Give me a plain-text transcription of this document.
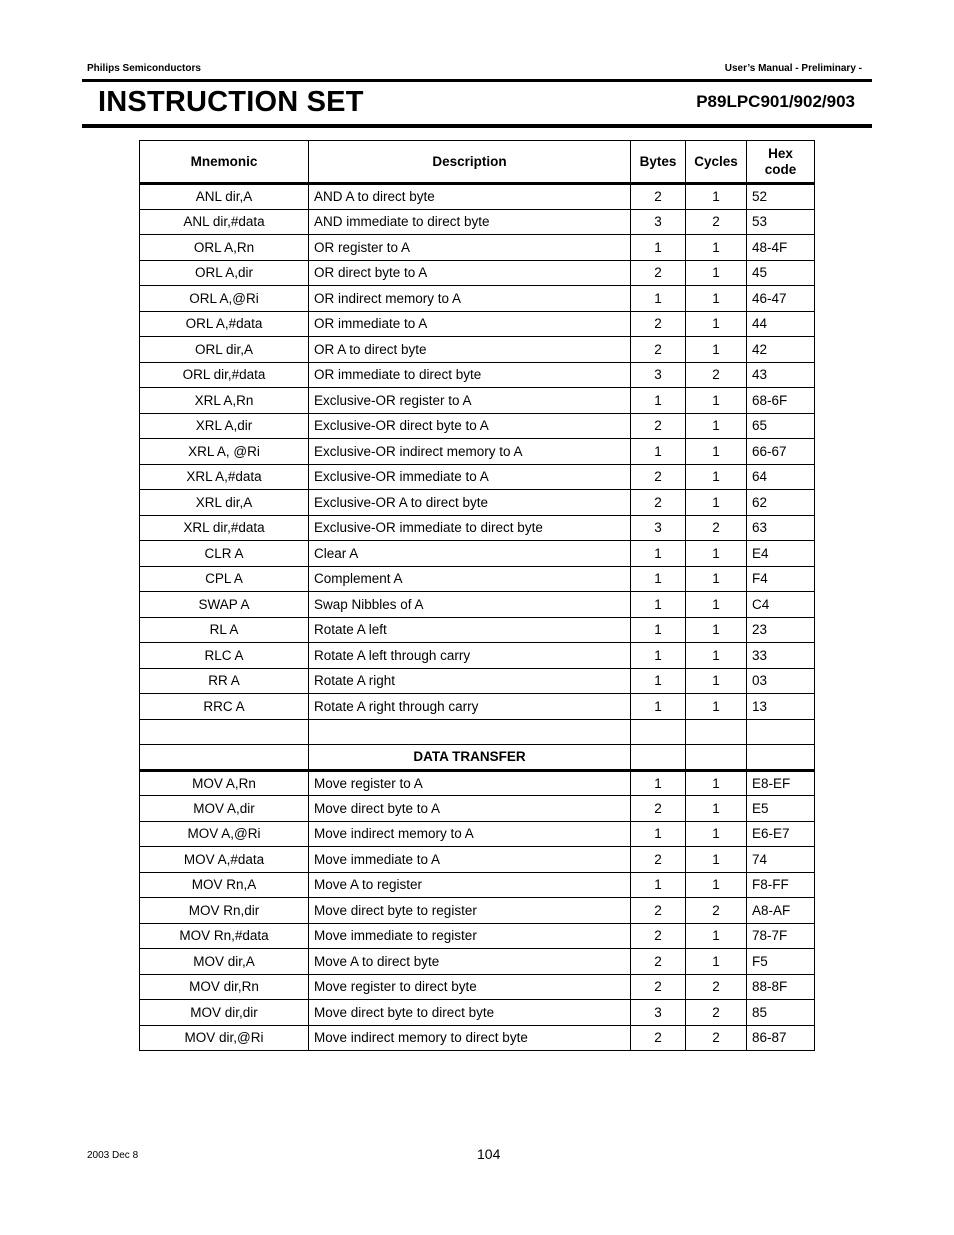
Philips Semiconductors	User’s Manual - Preliminary -
INSTRUCTION SET	P89LPC901/902/903
Mnemonic	Description	Bytes	Cycles	Hex code
ANL dir,A	AND A to direct byte	2	1	52
ANL dir,#data	AND immediate to direct byte	3	2	53
ORL A,Rn	OR register to A	1	1	48-4F
ORL A,dir	OR direct byte to A	2	1	45
ORL A,@Ri	OR indirect memory to A	1	1	46-47
ORL A,#data	OR immediate to A	2	1	44
ORL dir,A	OR A to direct byte	2	1	42
ORL dir,#data	OR immediate to direct byte	3	2	43
XRL A,Rn	Exclusive-OR register to A	1	1	68-6F
XRL A,dir	Exclusive-OR direct byte to A	2	1	65
XRL A, @Ri	Exclusive-OR indirect memory to A	1	1	66-67
XRL A,#data	Exclusive-OR immediate to A	2	1	64
XRL dir,A	Exclusive-OR A to direct byte	2	1	62
XRL dir,#data	Exclusive-OR immediate to direct byte	3	2	63
CLR A	Clear A	1	1	E4
CPL A	Complement A	1	1	F4
SWAP A	Swap Nibbles of A	1	1	C4
RL A	Rotate A left	1	1	23
RLC A	Rotate A left through carry	1	1	33
RR A	Rotate A right	1	1	03
RRC A	Rotate A right through carry	1	1	13

	DATA TRANSFER			
MOV A,Rn	Move register to A	1	1	E8-EF
MOV A,dir	Move direct byte to A	2	1	E5
MOV A,@Ri	Move indirect memory to A	1	1	E6-E7
MOV A,#data	Move immediate to A	2	1	74
MOV Rn,A	Move A to register	1	1	F8-FF
MOV Rn,dir	Move direct byte to register	2	2	A8-AF
MOV Rn,#data	Move immediate to register	2	1	78-7F
MOV dir,A	Move A to direct byte	2	1	F5
MOV dir,Rn	Move register to direct byte	2	2	88-8F
MOV dir,dir	Move direct byte to direct byte	3	2	85
MOV dir,@Ri	Move indirect memory to direct byte	2	2	86-87
2003 Dec 8	104
